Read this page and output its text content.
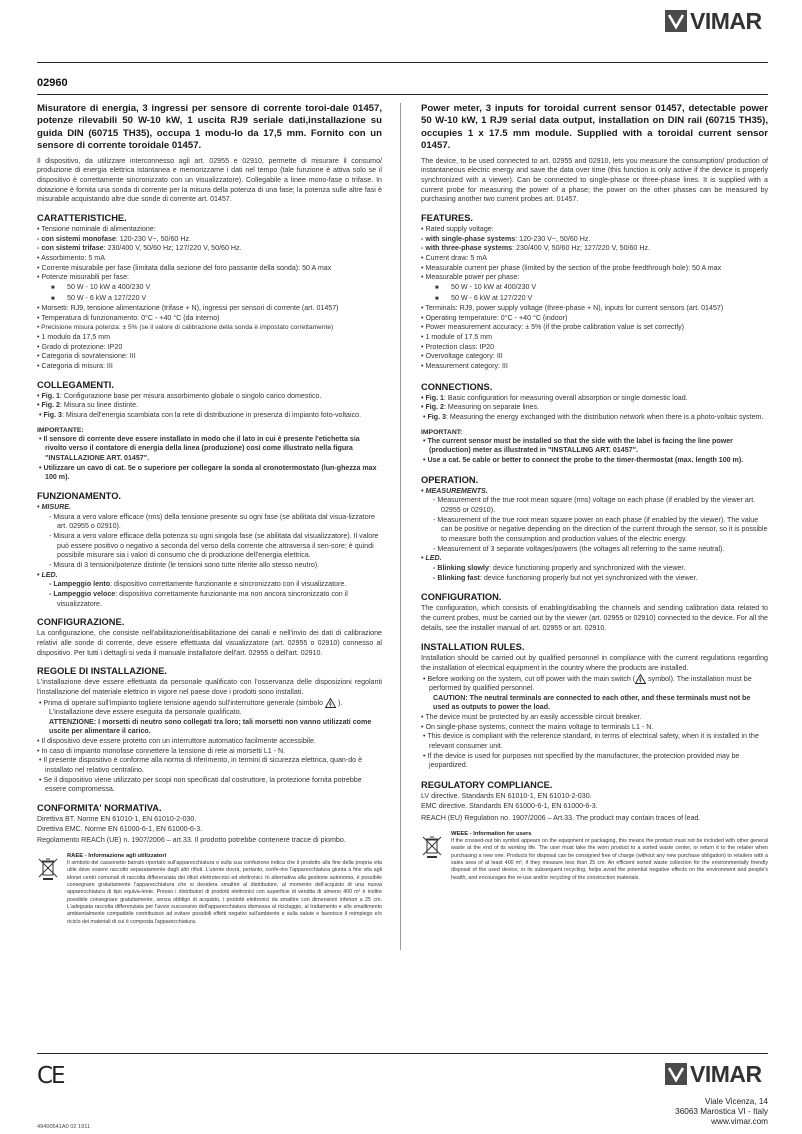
VIMAR
02960
Misuratore di energia, 3 ingressi per sensore di corrente toroi-dale 01457, potenze rilevabili 50 W-10 kW, 1 uscita RJ9 seriale dati,installazione su guida DIN (60715 TH35), occupa 1 modu-lo da 17,5 mm. Fornito con un sensore di corrente toroidale 01457.
Il dispositivo, da utilizzare interconnesso agli art. 02955 e 02910, permette di misurare il consumo/ produzione di energia elettrica istantanea e memorizzame i dati nel tempo (tale funzione è attiva solo se il dispositivo è correttamente sincronizzato con un visualizzatore). Collegabile a linee mono-fase o trifase. In dotazione è fornita una sonda di corrente per la misura della potenza di una fase; la potenza sulle altre fasi è misurabile acquistando altre due sonde di corrente art. 01457.
CARATTERISTICHE.
• Tensione nominale di alimentazione:
- con sistemi monofase: 120-230 V~, 50/60 Hz.
- con sistemi trifase: 230/400 V, 50/60 Hz; 127/220 V, 50/60 Hz.
• Assorbimento: 5 mA
• Corrente misurabile per fase (limitata dalla sezione del foro passante della sonda): 50 A max
• Potenze misurabili per fase:
■ 50 W - 10 kW a 400/230 V
■ 50 W - 6 kW a 127/220 V
• Morsetti: RJ9, tensione alimentazione (trifase + N), ingressi per sensori di corrente (art. 01457)
• Temperatura di funzionamento: 0°C - +40 °C (da interno)
• Precisione misura potenza: ± 5% (se il valore di calibrazione della sonda è impostato correttamente)
• 1 modulo da 17,5 mm
• Grado di protezione: IP20
• Categoria di sovratensione: III
• Categoria di misura: III
COLLEGAMENTI.
• Fig. 1: Configurazione base per misura assorbimento globale o singolo carico domestico.
• Fig. 2: Misura su linee distinte.
• Fig. 3: Misura dell'energia scambiata con la rete di distribuzione in presenza di impianto foto-voltaico.
IMPORTANTE:
• Il sensore di corrente deve essere installato in modo che il lato in cui è presente l'etichetta sia rivolto verso il contatore di energia della linea (produzione) così come illustrato nella figura "INSTALLAZIONE ART. 01457".
• Utilizzare un cavo di cat. 5e o superiore per collegare la sonda al cronotermostato (lun-ghezza max 100 m).
FUNZIONAMENTO.
• MISURE.
- Misura a vero valore efficace (rms) della tensione presente su ogni fase (se abilitata dal visua-lizzatore art. 02955 o 02910).
- Misura a vero valore efficace della potenza su ogni singola fase (se abilitata dal visualizzatore). Il valore può essere positivo o negativo a seconda del verso della corrente che attraversa il sen-sore; è quindi possibile misurare sia i valori di consumo che di produzione dell'energia elettrica.
- Misura di 3 tensioni/potenze distinte (le tensioni sono tutte riferite allo stesso neutro).
• LED.
- Lampeggio lento: dispositivo correttamente funzionante e sincronizzato con il visualizzatore.
- Lampeggio veloce: dispositivo correttamente funzionante ma non ancora sincronizzato con il visualizzatore.
CONFIGURAZIONE.
La configurazione, che consiste nell'abilitazione/disabilitazione dei canali e nell'invio dei dati di calibrazione relativi alle sonde di corrente, deve essere effettuata dal visualizzatore (art. 02955 o 02910) connesso al dispositivo. Per tutti i dettagli si veda il manuale installatore dell'art. 02955 o dell'art. 02910.
REGOLE DI INSTALLAZIONE.
L'installazione deve essere effettuata da personale qualificato con l'osservanza delle disposizioni regolanti l'installazione del materiale elettrico in vigore nel paese dove i prodotti sono installati.
• Prima di operare sull'impianto togliere tensione agendo sull'interruttore generale (simbolo ).
L'installazione deve essere eseguita da personale qualificato.
ATTENZIONE: I morsetti di neutro sono collegati tra loro; tali morsetti non vanno utilizzati come uscite per alimentare il carico.
• Il dispositivo deve essere protetto con un interruttore automatico facilmente accessibile.
• In caso di impianto monofase connettere la tensione di rete ai morsetti L1 - N.
• Il presente dispositivo è conforme alla norma di riferimento, in termini di sicurezza elettrica, quan-do è installato nel relativo centralino.
• Se il dispositivo viene utilizzato per scopi non specificati dal costruttore, la protezione fornita potrebbe essere compromessa.
CONFORMITA' NORMATIVA.
Direttiva BT. Norme EN 61010-1, EN 61010-2-030.
Direttiva EMC. Norme EN 61000-6-1, EN 61000-6-3.
Regolamento REACh (UE) n. 1907/2006 – art.33. Il prodotto potrebbe contenere tracce di piombo.
RAEE - Informazione agli utilizzatori
Il simbolo del cassonetto barrato riportato sull'apparecchiatura o sulla sua confezione indica che il prodotto alla fine della propria vita utile deve essere raccolto separatamente dagli altri rifiuti. L'utente dovrà, pertanto, confe-rire l'apparecchiatura giunta a fine vita agli idonei centri comunali di raccolta differenziata dei rifiuti elettrotecnici ed elettronici. In alternativa alla gestione autonoma, è possibile consegnare gratuitamente l'apparecchiatura che si desidera smaltire al distributore, al momento dell'acquisto di una nuova apparecchiatura di tipo equiva-lente. Presso i distributori di prodotti elettronici con superficie di vendita di almeno 400 m² è inoltre possibile consegnare gratuitamente, senza obbligo di acquisto, i prodotti elettronici da smaltire con dimensioni inferiori a 25 cm. L'adeguata raccolta differenziata per l'avvio successivo dell'apparecchiatura dismessa al riciclaggio, al trattamento e allo smaltimento ambientalmente compatibile contribuisce ad evitare possibili effetti negativi sull'ambiente e sulla salute e favorisce il reimpiego e/o riciclo dei materiali di cui è composta l'apparecchiatura.
Power meter, 3 inputs for toroidal current sensor 01457, detectable power 50 W-10 kW, 1 RJ9 serial data output, installation on DIN rail (60715 TH35), occupies 1 x 17.5 mm module. Supplied with a toroidal current sensor 01457.
The device, to be used connected to art. 02955 and 02910, lets you measure the consumption/ production of instantaneous electric energy and save the data over time (this function is only active if the device is properly synchronized with a viewer). Can be connected to single-phase or three-phase lines. It is supplied with a current probe for measuring the power of a phase; the power on the other phases can be measured by purchasing another two current probes art. 01457.
FEATURES.
• Rated supply voltage:
- with single-phase systems: 120-230 V~, 50/60 Hz.
- with three-phase systems: 230/400 V, 50/60 Hz; 127/220 V, 50/60 Hz.
• Current draw: 5 mA
• Measurable current per phase (limited by the section of the probe feedthrough hole): 50 A max
• Measurable power per phase:
■ 50 W - 10 kW at 400/230 V
■ 50 W - 6 kW at 127/220 V
• Terminals: RJ9, power supply voltage (three-phase + N), inputs for current sensors (art. 01457)
• Operating temperature: 0°C - +40 °C (indoor)
• Power measurement accuracy: ± 5% (if the probe calibration value is set correctly)
• 1 module of 17.5 mm
• Protection class: IP20
• Overvoltage category: III
• Measurement category: III
CONNECTIONS.
• Fig. 1: Basic configuration for measuring overall absorption or single domestic load.
• Fig. 2: Measuring on separate lines.
• Fig. 3: Measuring the energy exchanged with the distribution network when there is a photo-voltaic system.
IMPORTANT:
• The current sensor must be installed so that the side with the label is facing the line power (production) meter as illustrated in "INSTALLING ART. 01457".
• Use a cat. 5e cable or better to connect the probe to the timer-thermostat (max. length 100 m).
OPERATION.
• MEASUREMENTS.
- Measurement of the true root mean square (rms) voltage on each phase (if enabled by the viewer art. 02955 or 02910).
- Measurement of the true root mean square power on each phase (if enabled by the viewer). The value can be positive or negative depending on the direction of the current through the sensor, so it is possible to measure both the consumption and production values of the electric energy.
- Measurement of 3 separate voltages/powers (the voltages all referring to the same neutral).
• LED.
- Blinking slowly: device functioning properly and synchronized with the viewer.
- Blinking fast: device functioning properly but not yet synchronized with the viewer.
CONFIGURATION.
The configuration, which consists of enabling/disabling the channels and sending calibration data related to the current probes, must be carried out by the viewer (art. 02955 or 02910) connected to the device. For all the details, see the installer manual of art. 02955 or art. 02910.
INSTALLATION RULES.
Installation should be carried out by qualified personnel in compliance with the current regulations regarding the installation of electrical equipment in the country where the products are installed.
• Before working on the system, cut off power with the main switch ( symbol). The installation must be performed by qualified personnel.
CAUTION: The neutral terminals are connected to each other, and these terminals must not be used as outputs to power the load.
• The device must be protected by an easily accessible circuit breaker.
• On single-phase systems, connect the mains voltage to terminals L1 - N.
• This device is compliant with the reference standard, in terms of electrical safety, when it is installed in the relevant consumer unit.
• If the device is used for purposes not specified by the manufacturer, the protection provided may be jeopardized.
REGULATORY COMPLIANCE.
LV directive. Standards EN 61010-1, EN 61010-2-030.
EMC directive. Standards EN 61000-6-1, EN 61000-6-3.
REACH (EU) Regulation no. 1907/2006 – Art.33. The product may contain traces of lead.
WEEE - Information for users
If the crossed-out bin symbol appears on the equipment or packaging, this means the product must not be included with other general waste at the end of its working life. The user must take the worn product to a sorted waste center, or return it to the retailer when purchasing a new one. Products for disposal can be consigned free of charge (without any new purchase obligation) to retailers with a sales area of at least 400 m², if they measure less than 25 cm. An efficient sorted waste collection for the environmentally friendly disposal of the used device, or its subsequent recycling, helps avoid the potential negative effects on the environment and people's health, and encourages the re-use and/or recycling of the construction materials.
CE	VIMAR
Viale Vicenza, 14
36063 Marostica VI - Italy
www.vimar.com
49400541A0 02 1911
